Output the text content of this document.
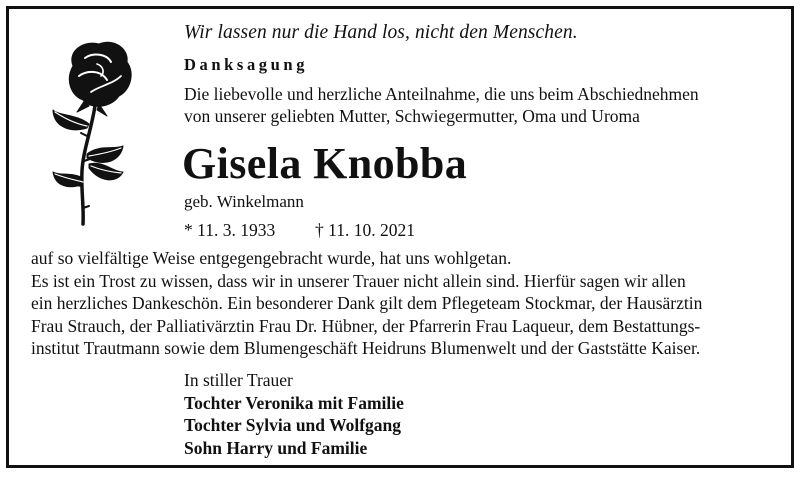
Wir lassen nur die Hand los, nicht den Menschen.
Danksagung
Die liebevolle und herzliche Anteilnahme, die uns beim Abschiednehmen
von unserer geliebten Mutter, Schwiegermutter, Oma und Uroma
Gisela Knobba
geb. Winkelmann
* 11. 3. 1933 † 11. 10. 2021
auf so vielfältige Weise entgegengebracht wurde, hat uns wohlgetan.
Es ist ein Trost zu wissen, dass wir in unserer Trauer nicht allein sind. Hierfür sagen wir allen
ein herzliches Dankeschön. Ein besonderer Dank gilt dem Pflegeteam Stockmar, der Hausärztin
Frau Strauch, der Palliativärztin Frau Dr. Hübner, der Pfarrerin Frau Laqueur, dem Bestattungs-
institut Trautmann sowie dem Blumengeschäft Heidruns Blumenwelt und der Gaststätte Kaiser.
In stiller Trauer
Tochter Veronika mit Familie
Tochter Sylvia und Wolfgang
Sohn Harry und Familie
